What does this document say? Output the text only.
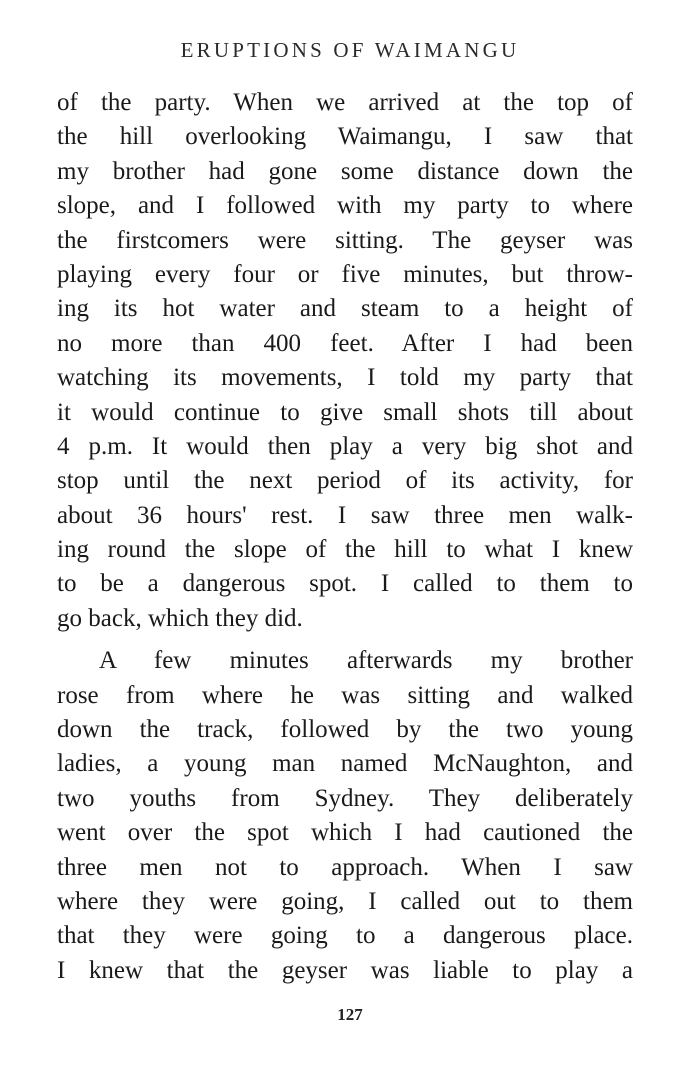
ERUPTIONS OF WAIMANGU
of the party. When we arrived at the top of
the hill overlooking Waimangu, I saw that
my brother had gone some distance down the
slope, and I followed with my party to where
the firstcomers were sitting. The geyser was
playing every four or five minutes, but throw-
ing its hot water and steam to a height of
no more than 400 feet. After I had been
watching its movements, I told my party that
it would continue to give small shots till about
4 p.m. It would then play a very big shot and
stop until the next period of its activity, for
about 36 hours' rest. I saw three men walk-
ing round the slope of the hill to what I knew
to be a dangerous spot. I called to them to
go back, which they did.
A few minutes afterwards my brother
rose from where he was sitting and walked
down the track, followed by the two young
ladies, a young man named McNaughton, and
two youths from Sydney. They deliberately
went over the spot which I had cautioned the
three men not to approach. When I saw
where they were going, I called out to them
that they were going to a dangerous place.
I knew that the geyser was liable to play a
127
